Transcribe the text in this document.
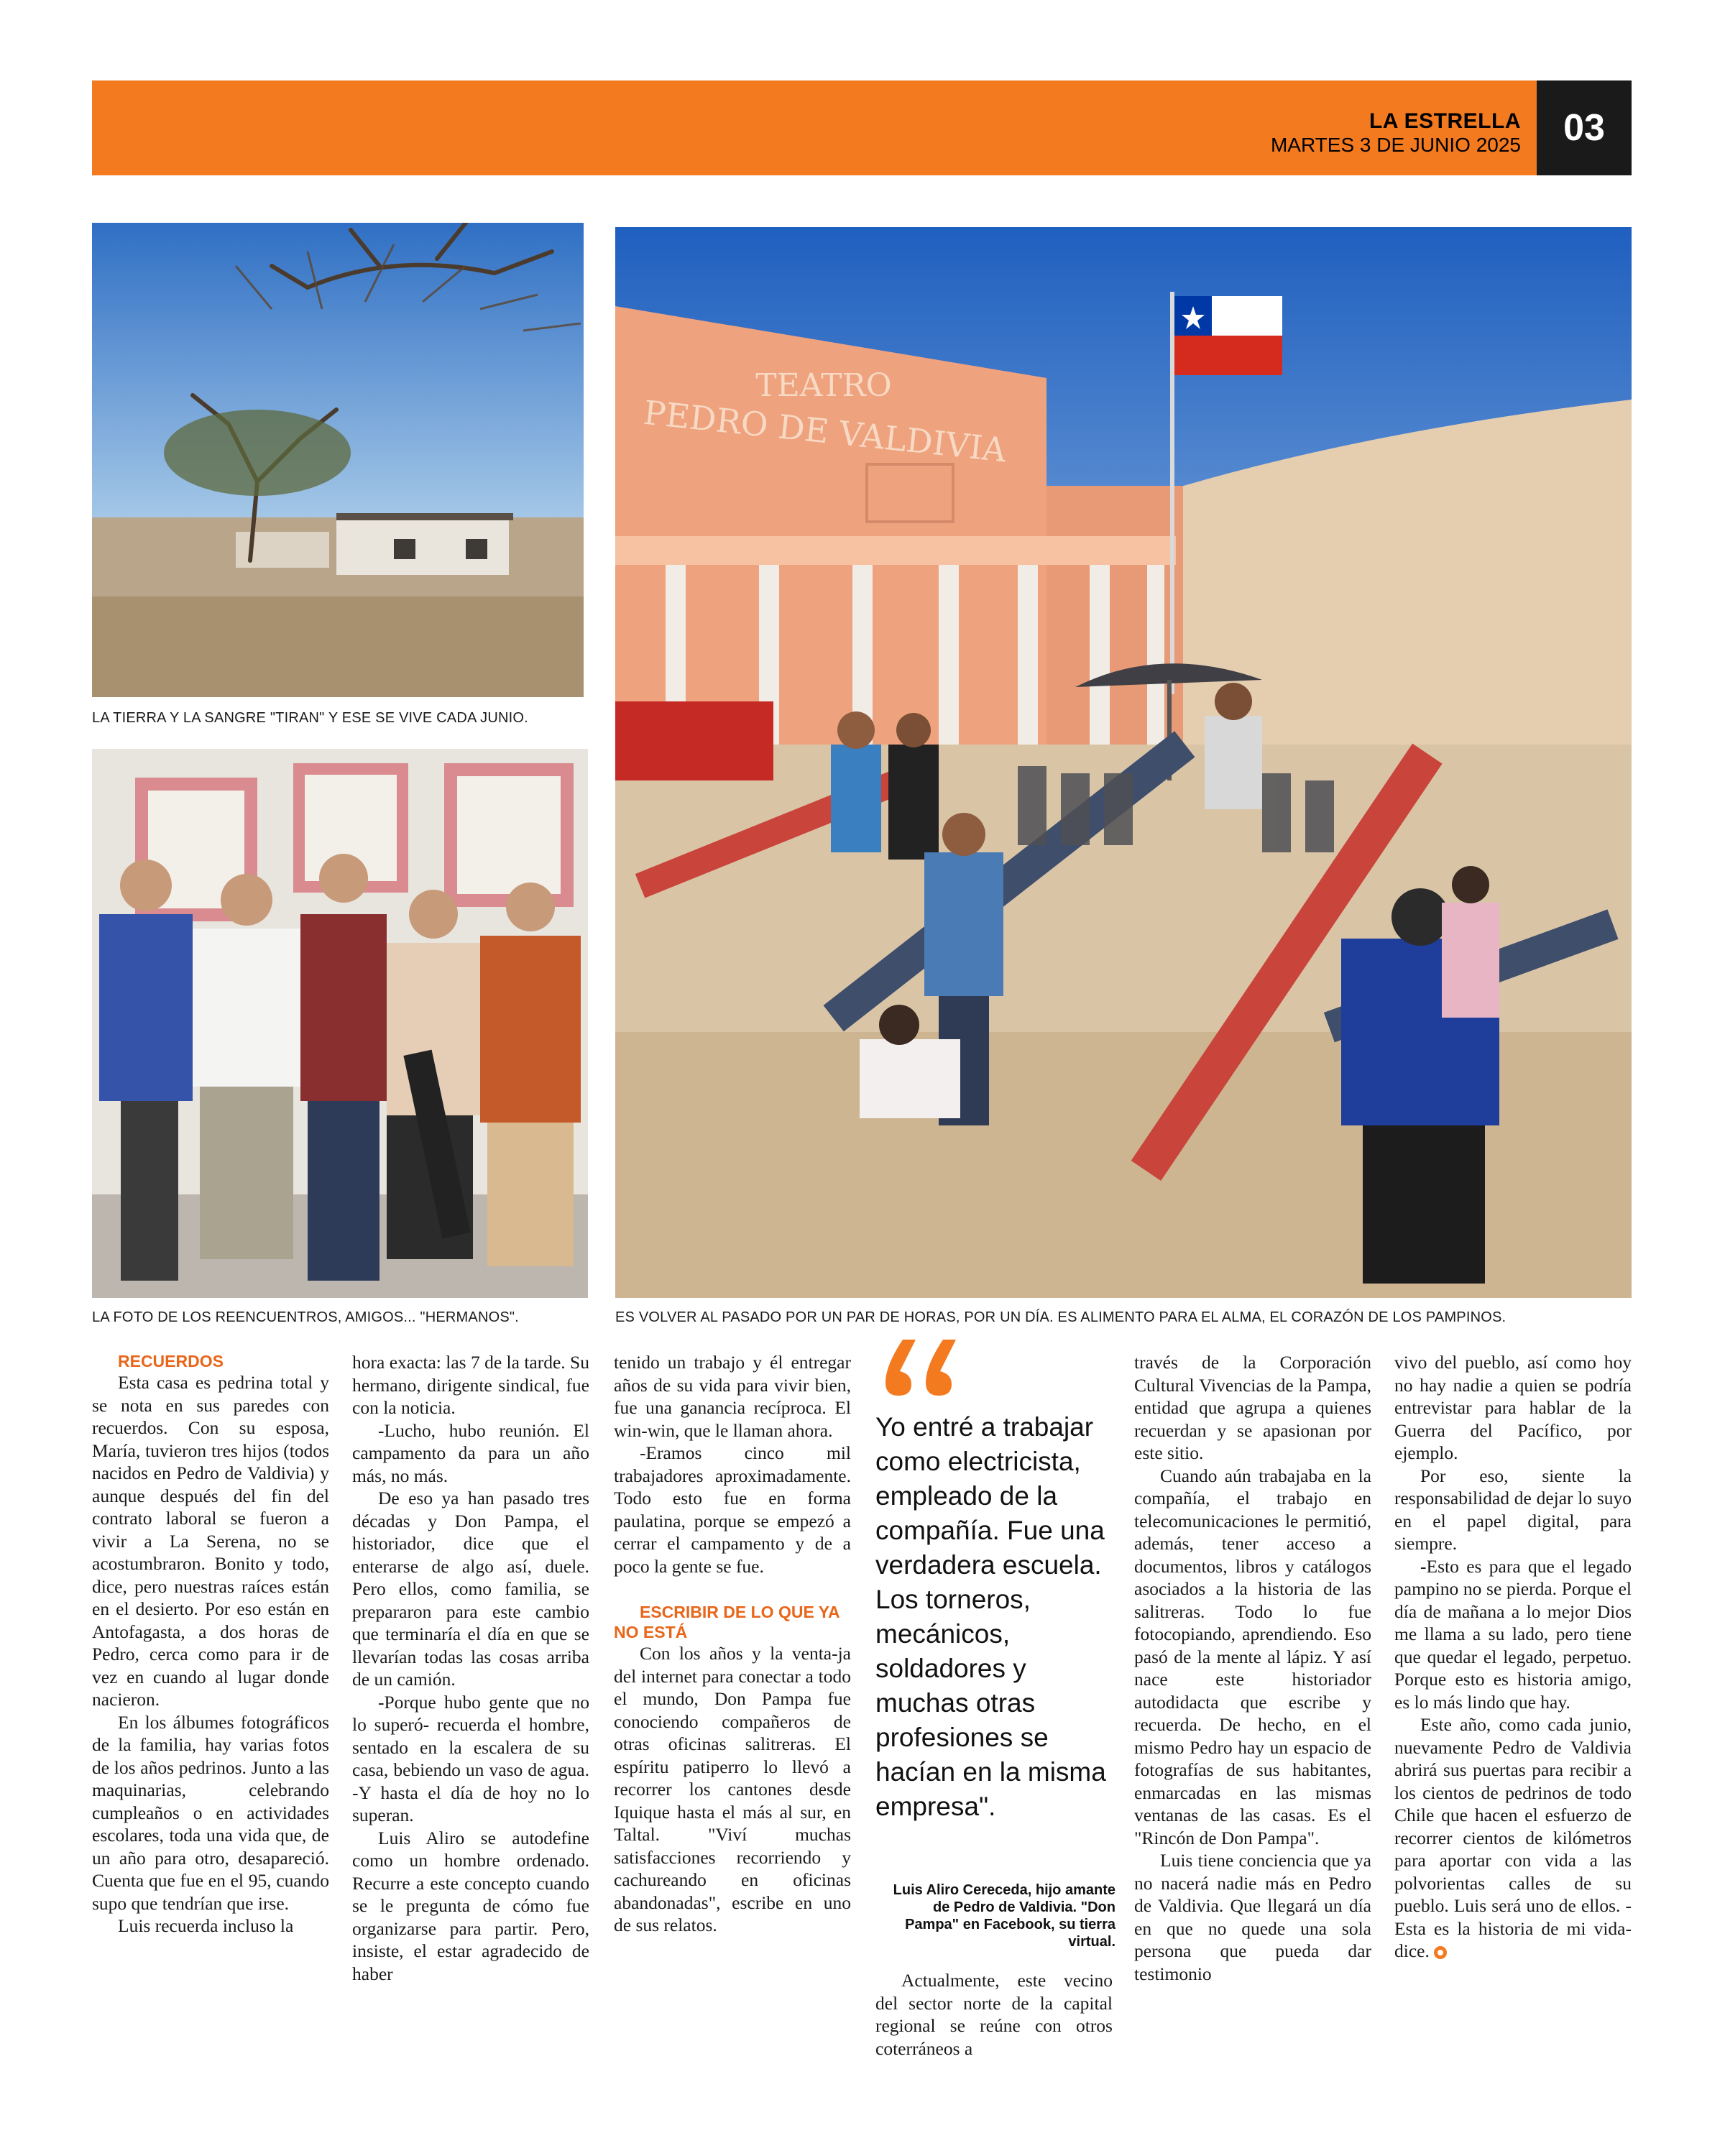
LA ESTRELLA
MARTES 3 DE JUNIO 2025	03
LA TIERRA Y LA SANGRE "TIRAN" Y ESE SE VIVE CADA JUNIO.
LA FOTO DE LOS REENCUENTROS, AMIGOS... "HERMANOS".
TEATRO
PEDRO DE VALDIVIA
ES VOLVER AL PASADO POR UN PAR DE HORAS, POR UN DÍA. ES ALIMENTO PARA EL ALMA, EL CORAZÓN DE LOS PAMPINOS.

RECUERDOS

Esta casa es pedrina total y se nota en sus paredes con recuerdos. Con su esposa, María, tuvieron tres hijos (todos nacidos en Pedro de Valdivia) y aunque después del fin del contrato laboral se fueron a vivir a La Serena, no se acostumbraron. Bonito y todo, dice, pero nuestras raíces están en el desierto. Por eso están en Antofagasta, a dos horas de Pedro, cerca como para ir de vez en cuando al lugar donde nacieron.

En los álbumes fotográficos de la familia, hay varias fotos de los años pedrinos. Junto a las maquinarias, celebrando cumpleaños o en actividades escolares, toda una vida que, de un año para otro, desapareció. Cuenta que fue en el 95, cuando supo que tendrían que irse.

Luis recuerda incluso la

hora exacta: las 7 de la tarde. Su hermano, dirigente sindical, fue con la noticia.

-Lucho, hubo reunión. El campamento da para un año más, no más.

De eso ya han pasado tres décadas y Don Pampa, el historiador, dice que el enterarse de algo así, duele. Pero ellos, como familia, se prepararon para este cambio que terminaría el día en que se llevarían todas las cosas arriba de un camión.

-Porque hubo gente que no lo superó- recuerda el hombre, sentado en la escalera de su casa, bebiendo un vaso de agua. -Y hasta el día de hoy no lo superan.

Luis Aliro se autodefine como un hombre ordenado. Recurre a este concepto cuando se le pregunta de cómo fue organizarse para partir. Pero, insiste, el estar agradecido de haber

tenido un trabajo y él entregar años de su vida para vivir bien, fue una ganancia recíproca. El win-win, que le llaman ahora.

-Eramos cinco mil trabajadores aproximadamente. Todo esto fue en forma paulatina, porque se empezó a cerrar el campamento y de a poco la gente se fue.

ESCRIBIR DE LO QUE YA NO ESTÁ

Con los años y la venta-ja del internet para conectar a todo el mundo, Don Pampa fue conociendo compañeros de otras oficinas salitreras. El espíritu patiperro lo llevó a recorrer los cantones desde Iquique hasta el más al sur, en Taltal. "Viví muchas satisfacciones recorriendo y cachureando en oficinas abandonadas", escribe en uno de sus relatos.

Yo entré a trabajar como electricista, empleado de la compañía. Fue una verdadera escuela. Los torneros, mecánicos, soldadores y muchas otras profesiones se hacían en la misma empresa".
Luis Aliro Cereceda, hijo amante de Pedro de Valdivia. "Don Pampa" en Facebook, su tierra virtual.

Actualmente, este vecino del sector norte de la capital regional se reúne con otros coterráneos a

través de la Corporación Cultural Vivencias de la Pampa, entidad que agrupa a quienes recuerdan y se apasionan por este sitio.

Cuando aún trabajaba en la compañía, el trabajo en telecomunicaciones le permitió, además, tener acceso a documentos, libros y catálogos asociados a la historia de las salitreras. Todo lo fue fotocopiando, aprendiendo. Eso pasó de la mente al lápiz. Y así nace este historiador autodidacta que escribe y recuerda. De hecho, en el mismo Pedro hay un espacio de fotografías de sus habitantes, enmarcadas en las mismas ventanas de las casas. Es el "Rincón de Don Pampa".

Luis tiene conciencia que ya no nacerá nadie más en Pedro de Valdivia. Que llegará un día en que no quede una sola persona que pueda dar testimonio

vivo del pueblo, así como hoy no hay nadie a quien se podría entrevistar para hablar de la Guerra del Pacífico, por ejemplo.

Por eso, siente la responsabilidad de dejar lo suyo en el papel digital, para siempre.

-Esto es para que el legado pampino no se pierda. Porque el día de mañana a lo mejor Dios me llama a su lado, pero tiene que quedar el legado, perpetuo. Porque esto es historia amigo, es lo más lindo que hay.

Este año, como cada junio, nuevamente Pedro de Valdivia abrirá sus puertas para recibir a los cientos de pedrinos de todo Chile que hacen el esfuerzo de recorrer cientos de kilómetros para aportar con vida a las polvorientas calles de su pueblo. Luis será uno de ellos. -Esta es la historia de mi vida- dice.
